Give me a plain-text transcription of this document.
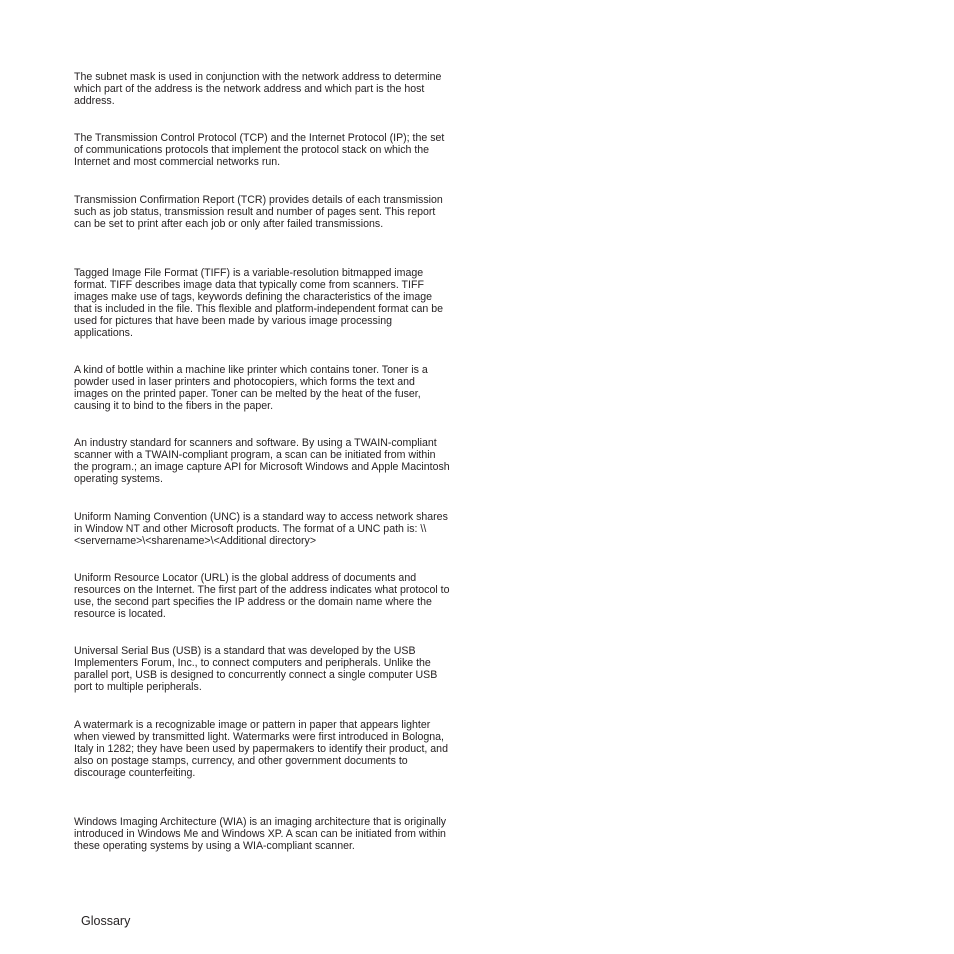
The subnet mask is used in conjunction with the network address to determine which part of the address is the network address and which part is the host address.

The Transmission Control Protocol (TCP) and the Internet Protocol (IP); the set of communications protocols that implement the protocol stack on which the Internet and most commercial networks run.

Transmission Confirmation Report (TCR) provides details of each transmission such as job status, transmission result and number of pages sent. This report can be set to print after each job or only after failed transmissions.

Tagged Image File Format (TIFF) is a variable-resolution bitmapped image format. TIFF describes image data that typically come from scanners. TIFF images make use of tags, keywords defining the characteristics of the image that is included in the file. This flexible and platform-independent format can be used for pictures that have been made by various image processing applications.

A kind of bottle within a machine like printer which contains toner. Toner is a powder used in laser printers and photocopiers, which forms the text and images on the printed paper. Toner can be melted by the heat of the fuser, causing it to bind to the fibers in the paper.

An industry standard for scanners and software. By using a TWAIN-compliant scanner with a TWAIN-compliant program, a scan can be initiated from within the program.; an image capture API for Microsoft Windows and Apple Macintosh operating systems.

Uniform Naming Convention (UNC) is a standard way to access network shares in Window NT and other Microsoft products. The format of a UNC path is: \\<servername>\<sharename>\<Additional directory>

Uniform Resource Locator (URL) is the global address of documents and resources on the Internet. The first part of the address indicates what protocol to use, the second part specifies the IP address or the domain name where the resource is located.

Universal Serial Bus (USB) is a standard that was developed by the USB Implementers Forum, Inc., to connect computers and peripherals. Unlike the parallel port, USB is designed to concurrently connect a single computer USB port to multiple peripherals.

A watermark is a recognizable image or pattern in paper that appears lighter when viewed by transmitted light. Watermarks were first introduced in Bologna, Italy in 1282; they have been used by papermakers to identify their product, and also on postage stamps, currency, and other government documents to discourage counterfeiting.

Windows Imaging Architecture (WIA) is an imaging architecture that is originally introduced in Windows Me and Windows XP. A scan can be initiated from within these operating systems by using a WIA-compliant scanner.

Glossary
